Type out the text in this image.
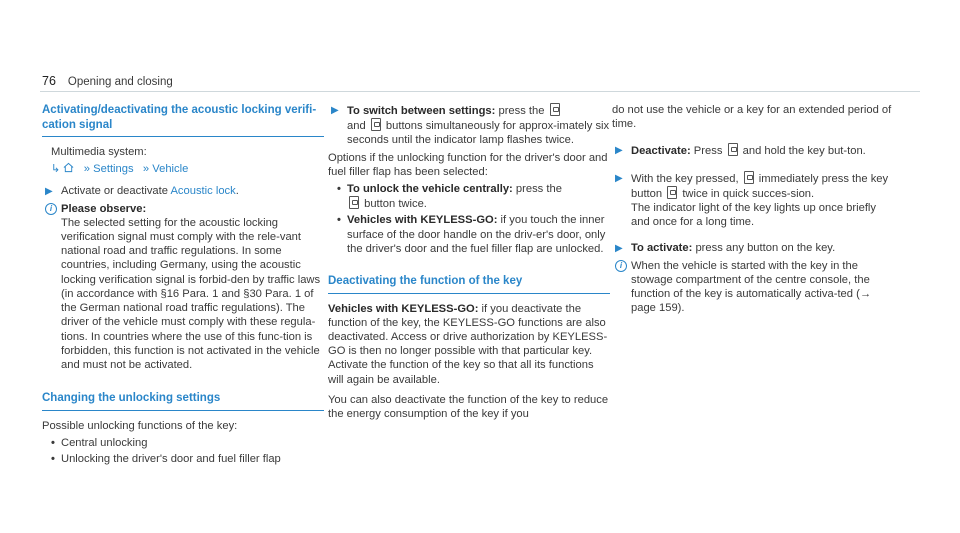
76 Opening and closing
Activating/deactivating the acoustic locking verifi-
cation signal

Multimedia system:

↳    » Settings   » Vehicle
▶ Activate or deactivate Acoustic lock.
i Please observe:
The selected setting for the acoustic locking verification signal must comply with the rele-vant national road and traffic regulations. In some countries, including Germany, using the acoustic locking verification signal is forbid-den by traffic laws (in accordance with §16 Para. 1 and §30 Para. 1 of the German national road traffic regulations). The driver of the vehicle must comply with these regula-tions. In countries where the use of this func-tion is forbidden, this function is not activated in the vehicle and must not be activated.
Changing the unlocking settings

Possible unlocking functions of the key:

• Central unlocking
• Unlocking the driver's door and fuel filler flap
▶ To switch between settings: press the
and  buttons simultaneously for approx-imately six seconds until the indicator lamp flashes twice.

Options if the unlocking function for the driver's door and fuel filler flap has been selected:

• To unlock the vehicle centrally: press the
button twice.
• Vehicles with KEYLESS-GO: if you touch the inner surface of the door handle on the driv-er's door, only the driver's door and the fuel filler flap are unlocked.
Deactivating the function of the key

Vehicles with KEYLESS-GO: if you deactivate the function of the key, the KEYLESS-GO functions are also deactivated. Access or drive authorization by KEYLESS-GO is then no longer possible with that particular key. Activate the function of the key so that all its functions will again be available.

You can also deactivate the function of the key to reduce the energy consumption of the key if you

do not use the vehicle or a key for an extended period of time.

▶ Deactivate: Press  and hold the key but-ton.
▶ With the key pressed,  immediately press the key button  twice in quick succes-sion.
The indicator light of the key lights up once briefly and once for a long time.
▶ To activate: press any button on the key.
i When the vehicle is started with the key in the stowage compartment of the centre console, the function of the key is automatically activa-ted (→ page 159).
